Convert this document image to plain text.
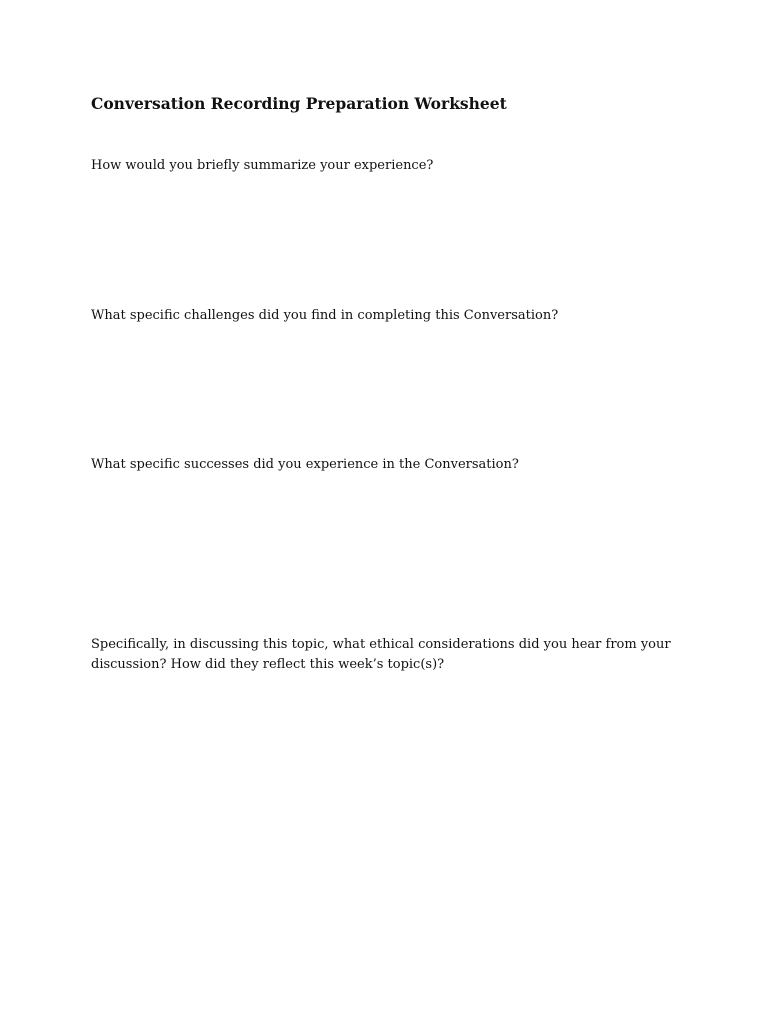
Conversation Recording Preparation Worksheet

How would you briefly summarize your experience?

What specific challenges did you find in completing this Conversation?

What specific successes did you experience in the Conversation?

Specifically, in discussing this topic, what ethical considerations did you hear from your discussion? How did they reflect this week’s topic(s)?
